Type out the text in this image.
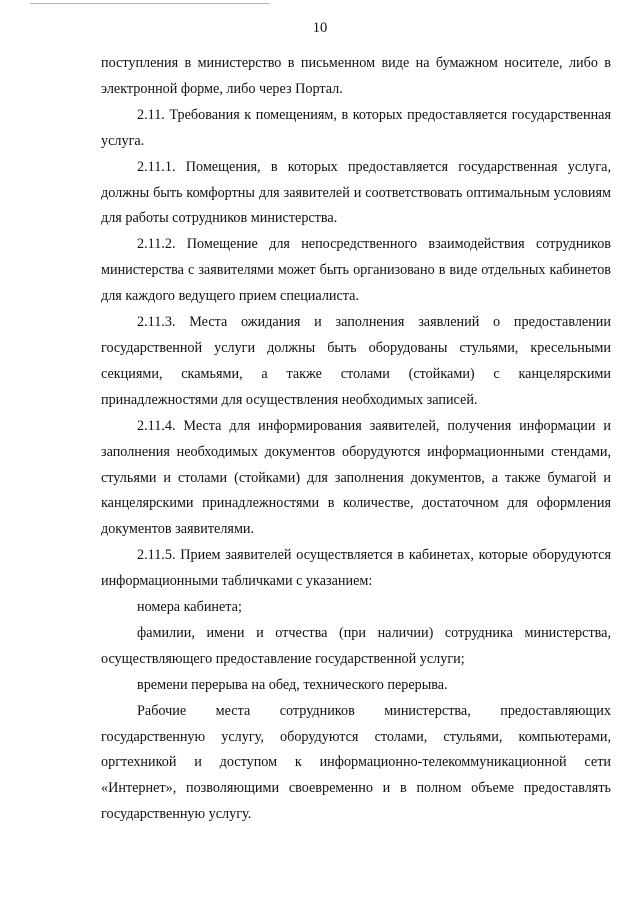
10

поступления в министерство в письменном виде на бумажном носителе, либо в электронной форме, либо через Портал.

2.11. Требования к помещениям, в которых предоставляется государственная услуга.

2.11.1. Помещения, в которых предоставляется государственная услуга, должны быть комфортны для заявителей и соответствовать оптимальным условиям для работы сотрудников министерства.

2.11.2. Помещение для непосредственного взаимодействия сотрудников министерства с заявителями может быть организовано в виде отдельных кабинетов для каждого ведущего прием специалиста.

2.11.3. Места ожидания и заполнения заявлений о предоставлении государственной услуги должны быть оборудованы стульями, кресельными секциями, скамьями, а также столами (стойками) с канцелярскими принадлежностями для осуществления необходимых записей.

2.11.4. Места для информирования заявителей, получения информации и заполнения необходимых документов оборудуются информационными стендами, стульями и столами (стойками) для заполнения документов, а также бумагой и канцелярскими принадлежностями в количестве, достаточном для оформления документов заявителями.

2.11.5. Прием заявителей осуществляется в кабинетах, которые оборудуются информационными табличками с указанием:

номера кабинета;

фамилии, имени и отчества (при наличии) сотрудника министерства, осуществляющего предоставление государственной услуги;

времени перерыва на обед, технического перерыва.

Рабочие места сотрудников министерства, предоставляющих государственную услугу, оборудуются столами, стульями, компьютерами, оргтехникой и доступом к информационно-телекоммуникационной сети «Интернет», позволяющими своевременно и в полном объеме предоставлять государственную услугу.
